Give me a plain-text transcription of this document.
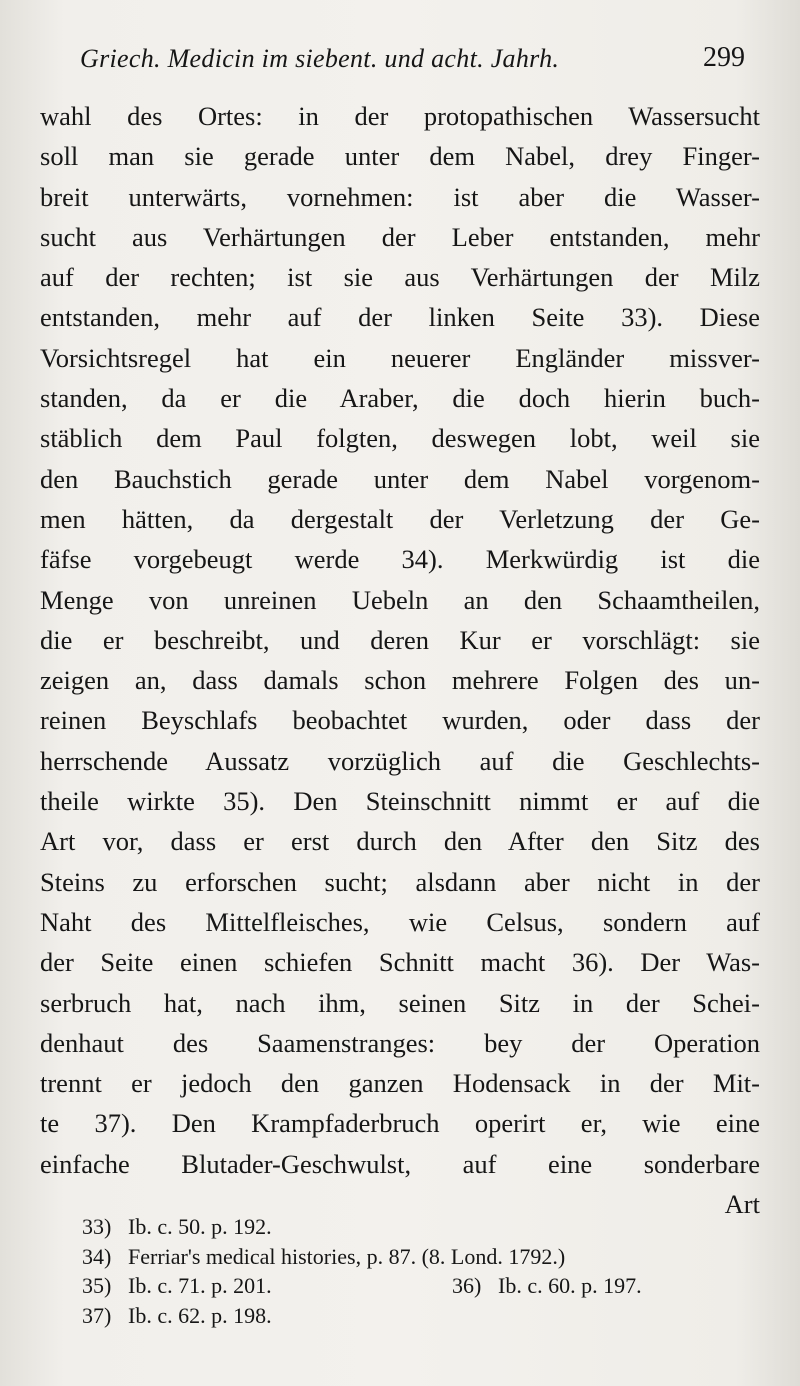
Griech. Medicin im siebent. und acht. Jahrh.	299
wahl des Ortes: in der protopathischen Wassersucht
soll man sie gerade unter dem Nabel, drey Finger-
breit unterwärts, vornehmen: ist aber die Wasser-
sucht aus Verhärtungen der Leber entstanden, mehr
auf der rechten; ist sie aus Verhärtungen der Milz
entstanden, mehr auf der linken Seite 33). Diese
Vorsichtsregel hat ein neuerer Engländer missver-
standen, da er die Araber, die doch hierin buch-
stäblich dem Paul folgten, deswegen lobt, weil sie
den Bauchstich gerade unter dem Nabel vorgenom-
men hätten, da dergestalt der Verletzung der Ge-
fäfse vorgebeugt werde 34). Merkwürdig ist die
Menge von unreinen Uebeln an den Schaamtheilen,
die er beschreibt, und deren Kur er vorschlägt: sie
zeigen an, dass damals schon mehrere Folgen des un-
reinen Beyschlafs beobachtet wurden, oder dass der
herrschende Aussatz vorzüglich auf die Geschlechts-
theile wirkte 35). Den Steinschnitt nimmt er auf die
Art vor, dass er erst durch den After den Sitz des
Steins zu erforschen sucht; alsdann aber nicht in der
Naht des Mittelfleisches, wie Celsus, sondern auf
der Seite einen schiefen Schnitt macht 36). Der Was-
serbruch hat, nach ihm, seinen Sitz in der Schei-
denhaut des Saamenstranges: bey der Operation
trennt er jedoch den ganzen Hodensack in der Mit-
te 37). Den Krampfaderbruch operirt er, wie eine
einfache Blutader-Geschwulst, auf eine sonderbare
Art
33) Ib. c. 50. p. 192.
34) Ferriar's medical histories, p. 87. (8. Lond. 1792.)
35) Ib. c. 71. p. 201.	36) Ib. c. 60. p. 197.
37) Ib. c. 62. p. 198.
